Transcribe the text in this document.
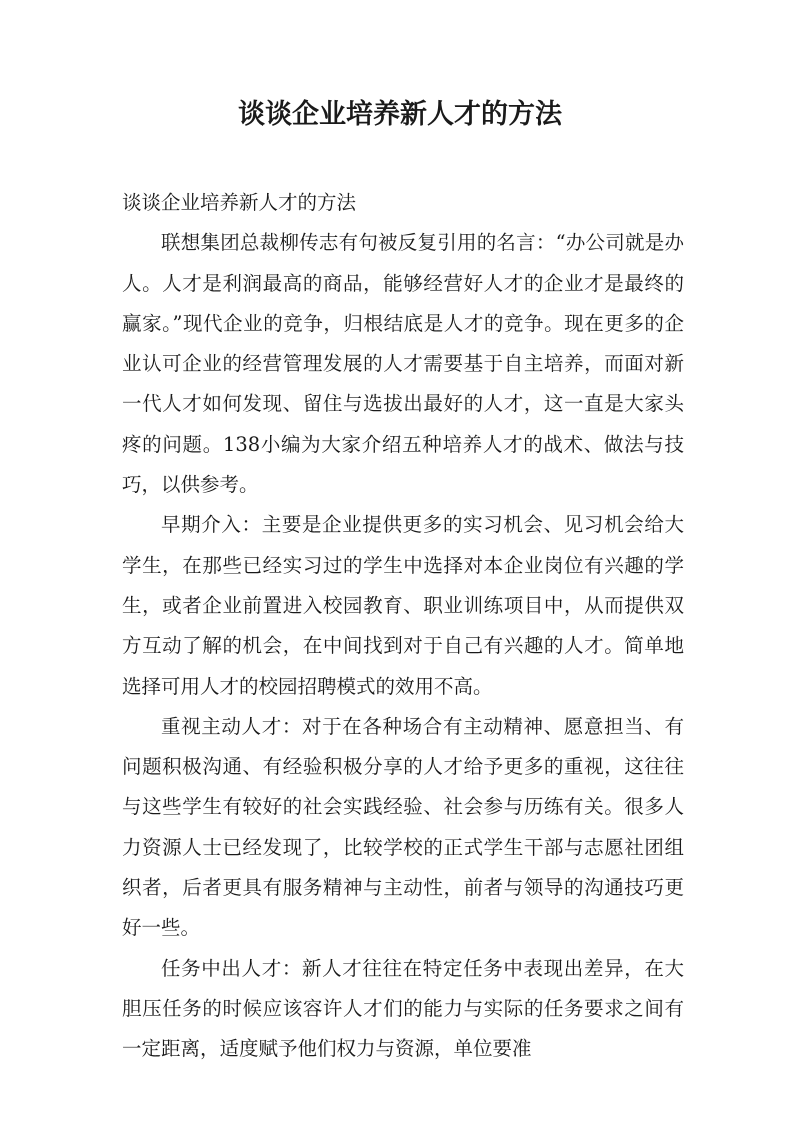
谈谈企业培养新人才的方法

谈谈企业培养新人才的方法

联想集团总裁柳传志有句被反复引用的名言：“办公司就是办人。人才是利润最高的商品，能够经营好人才的企业才是最终的赢家。”现代企业的竞争，归根结底是人才的竞争。现在更多的企业认可企业的经营管理发展的人才需要基于自主培养，而面对新一代人才如何发现、留住与选拔出最好的人才，这一直是大家头疼的问题。138小编为大家介绍五种培养人才的战术、做法与技巧，以供参考。

早期介入：主要是企业提供更多的实习机会、见习机会给大学生，在那些已经实习过的学生中选择对本企业岗位有兴趣的学生，或者企业前置进入校园教育、职业训练项目中，从而提供双方互动了解的机会，在中间找到对于自己有兴趣的人才。简单地选择可用人才的校园招聘模式的效用不高。

重视主动人才：对于在各种场合有主动精神、愿意担当、有问题积极沟通、有经验积极分享的人才给予更多的重视，这往往与这些学生有较好的社会实践经验、社会参与历练有关。很多人力资源人士已经发现了，比较学校的正式学生干部与志愿社团组织者，后者更具有服务精神与主动性，前者与领导的沟通技巧更好一些。

任务中出人才：新人才往往在特定任务中表现出差异，在大胆压任务的时候应该容许人才们的能力与实际的任务要求之间有一定距离，适度赋予他们权力与资源，单位要准
